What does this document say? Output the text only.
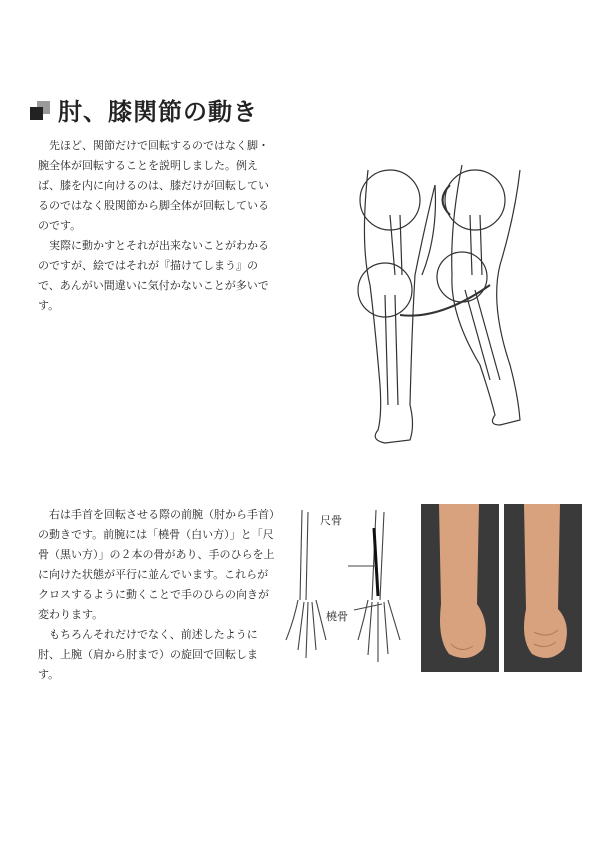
肘、膝関節の動き

先ほど、関節だけで回転するのではなく脚・腕全体が回転することを説明しました。例えば、膝を内に向けるのは、膝だけが回転しているのではなく股関節から脚全体が回転しているのです。

実際に動かすとそれが出来ないことがわかるのですが、絵ではそれが『描けてしまう』ので、あんがい間違いに気付かないことが多いです。

右は手首を回転させる際の前腕（肘から手首）の動きです。前腕には「橈骨（白い方）」と「尺骨（黒い方）」の２本の骨があり、手のひらを上に向けた状態が平行に並んでいます。これらがクロスするように動くことで手のひらの向きが変わります。

もちろんそれだけでなく、前述したように肘、上腕（肩から肘まで）の旋回で回転します。

尺骨
橈骨
